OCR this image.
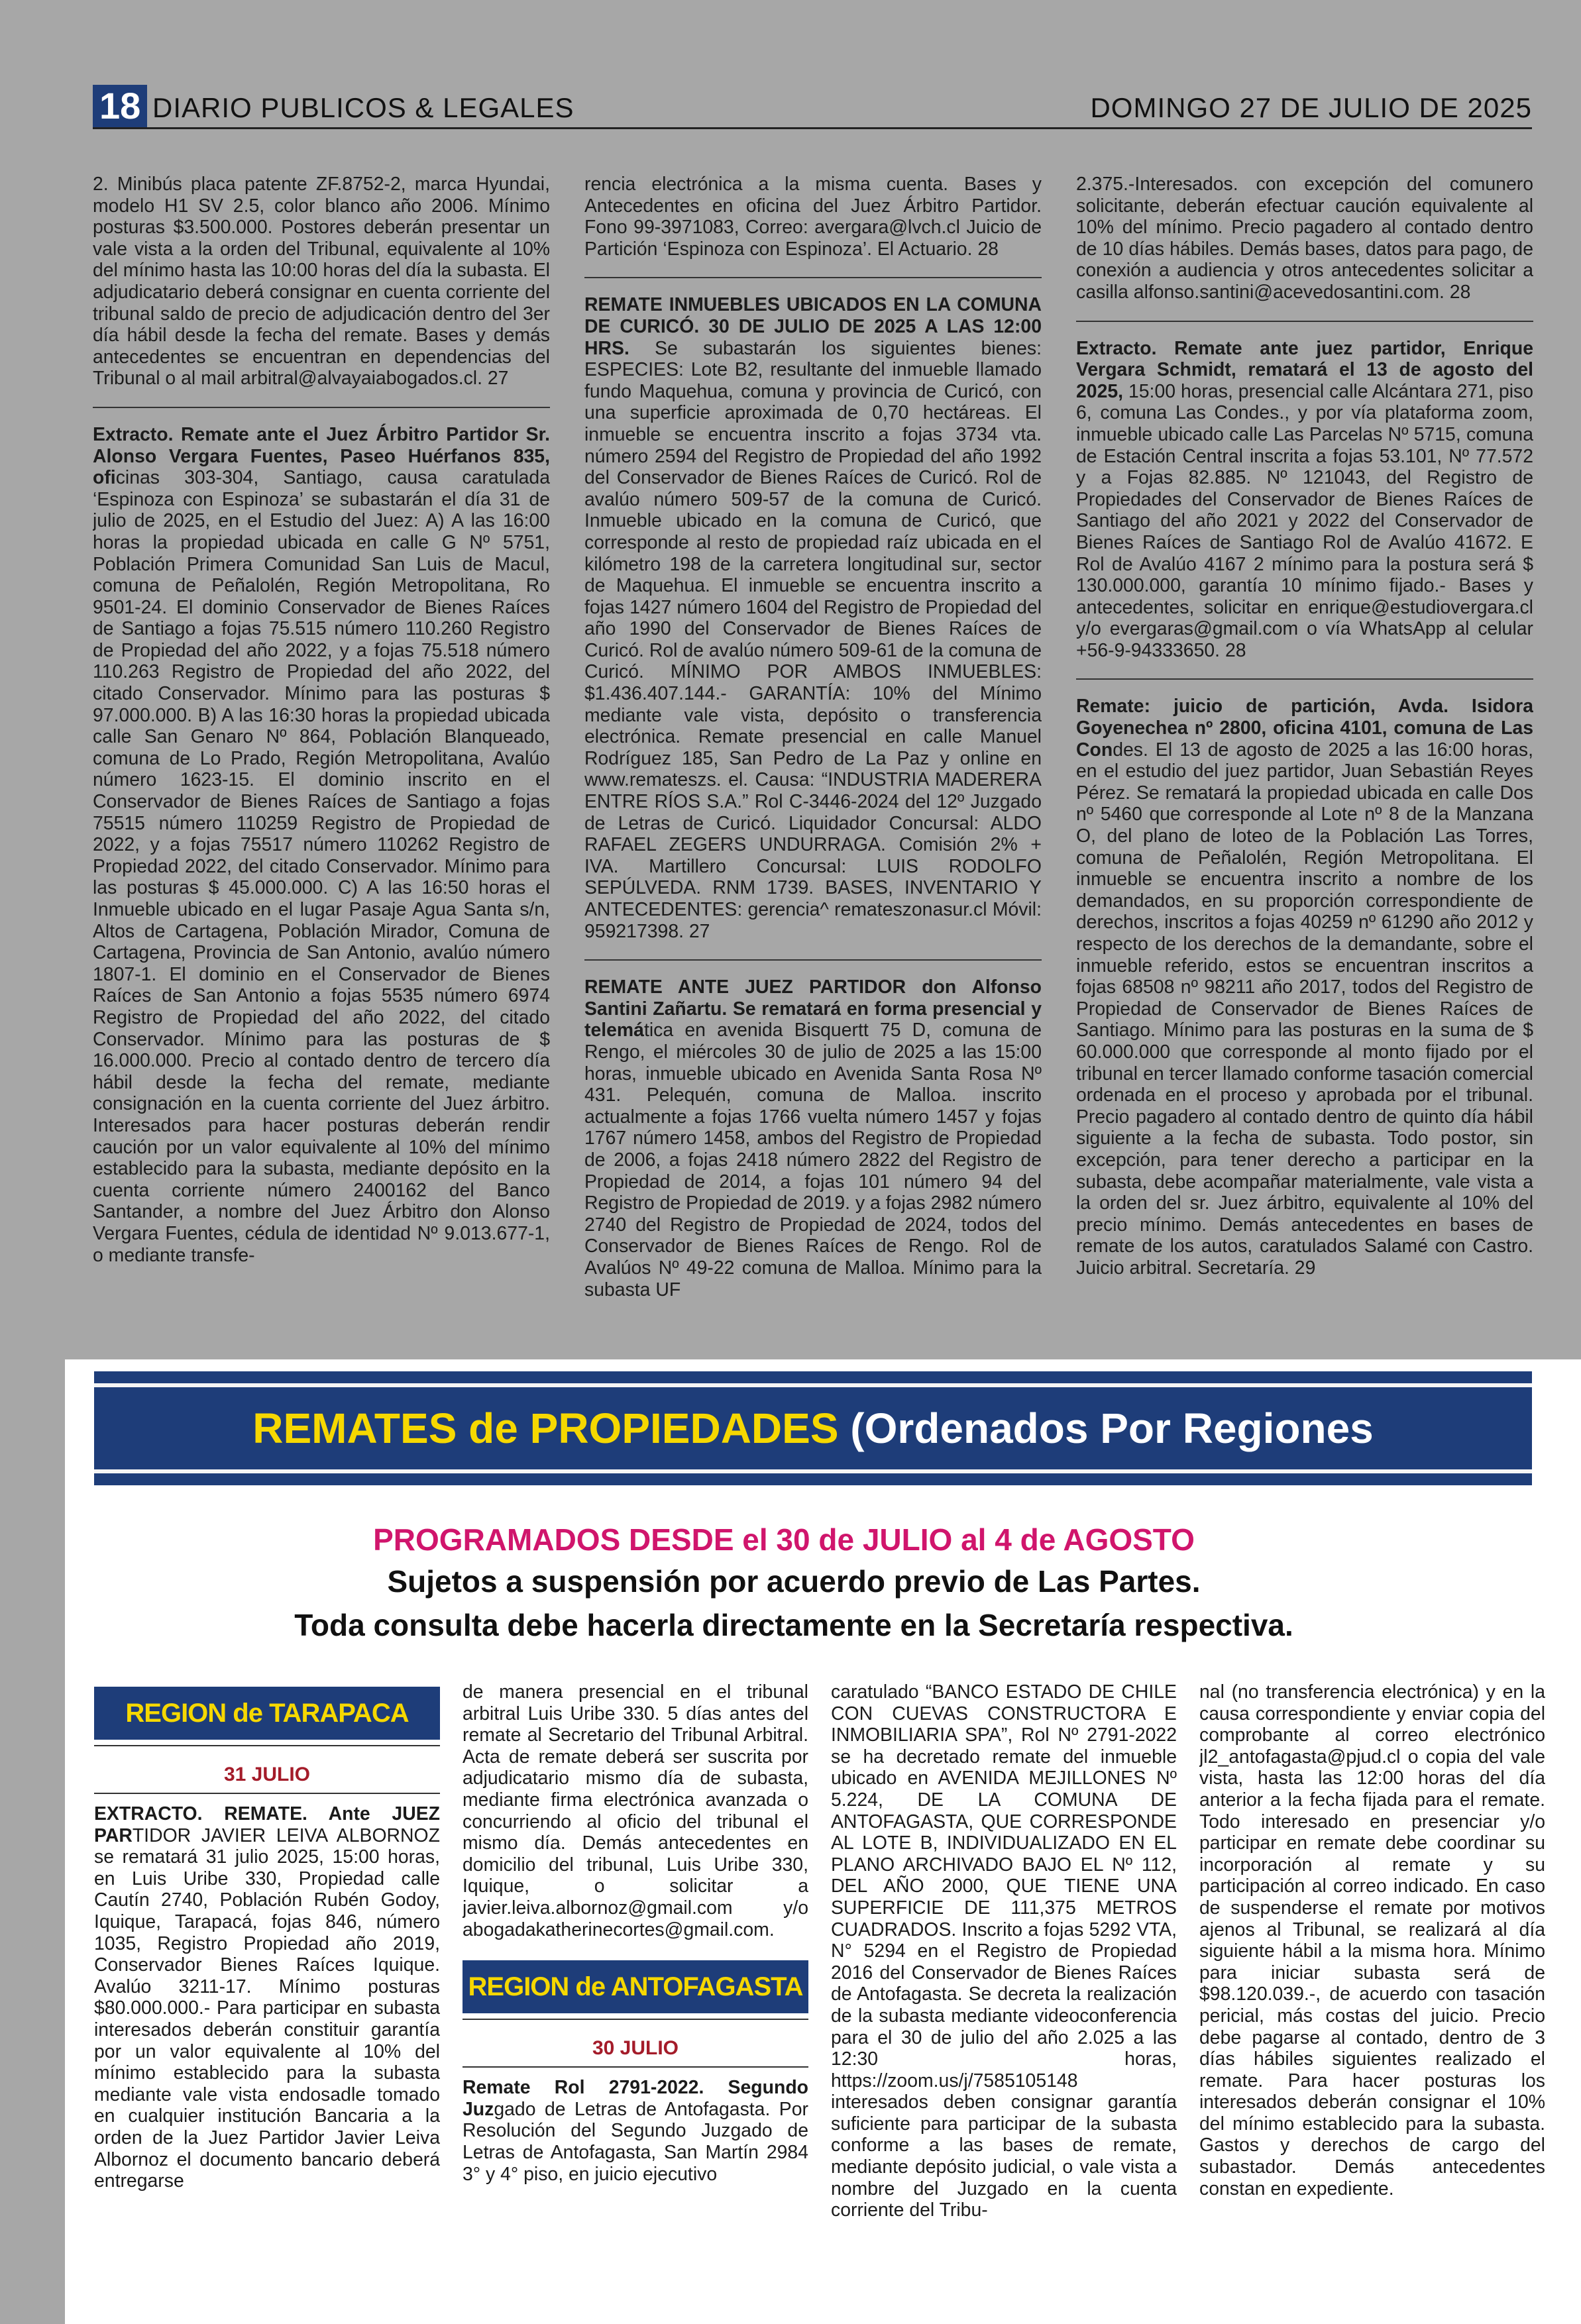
18 DIARIO PUBLICOS & LEGALES	DOMINGO 27 DE JULIO DE 2025

2. Minibús placa patente ZF.8752-2, marca Hyundai, modelo H1 SV 2.5, color blanco año 2006. Mínimo posturas $3.500.000. Postores deberán presentar un vale vista a la orden del Tribunal, equivalente al 10% del mínimo hasta las 10:00 horas del día la subasta. El adjudicatario deberá consignar en cuenta corriente del tribunal saldo de precio de adjudicación dentro del 3er día hábil desde la fecha del remate. Bases y demás antecedentes se encuentran en dependencias del Tribunal o al mail arbitral@alvayaiabogados.cl. 27

Extracto. Remate ante el Juez Árbitro Partidor Sr. Alonso Vergara Fuentes, Paseo Huérfanos 835, oficinas 303-304, Santiago, causa caratulada ‘Espinoza con Espinoza’ se subastarán el día 31 de julio de 2025, en el Estudio del Juez: A) A las 16:00 horas la propiedad ubicada en calle G Nº 5751, Población Primera Comunidad San Luis de Macul, comuna de Peñalolén, Región Metropolitana, Ro 9501-24. El dominio Conservador de Bienes Raíces de Santiago a fojas 75.515 número 110.260 Registro de Propiedad del año 2022, y a fojas 75.518 número 110.263 Registro de Propiedad del año 2022, del citado Conservador. Mínimo para las posturas $ 97.000.000. B) A las 16:30 horas la propiedad ubicada calle San Genaro Nº 864, Población Blanqueado, comuna de Lo Prado, Región Metropolitana, Avalúo número 1623-15. El dominio inscrito en el Conservador de Bienes Raíces de Santiago a fojas 75515 número 110259 Registro de Propiedad de 2022, y a fojas 75517 número 110262 Registro de Propiedad 2022, del citado Conservador. Mínimo para las posturas $ 45.000.000. C) A las 16:50 horas el Inmueble ubicado en el lugar Pasaje Agua Santa s/n, Altos de Cartagena, Población Mirador, Comuna de Cartagena, Provincia de San Antonio, avalúo número 1807-1. El dominio en el Conservador de Bienes Raíces de San Antonio a fojas 5535 número 6974 Registro de Propiedad del año 2022, del citado Conservador. Mínimo para las posturas de $ 16.000.000. Precio al contado dentro de tercero día hábil desde la fecha del remate, mediante consignación en la cuenta corriente del Juez árbitro. Interesados para hacer posturas deberán rendir caución por un valor equivalente al 10% del mínimo establecido para la subasta, mediante depósito en la cuenta corriente número 2400162 del Banco Santander, a nombre del Juez Árbitro don Alonso Vergara Fuentes, cédula de identidad Nº 9.013.677-1, o mediante transfe-

rencia electrónica a la misma cuenta. Bases y Antecedentes en oficina del Juez Árbitro Partidor. Fono 99-3971083, Correo: avergara@lvch.cl Juicio de Partición ‘Espinoza con Espinoza’. El Actuario. 28

REMATE INMUEBLES UBICADOS EN LA COMUNA DE CURICÓ. 30 DE JULIO DE 2025 A LAS 12:00 HRS. Se subastarán los siguientes bienes: ESPECIES: Lote B2, resultante del inmueble llamado fundo Maquehua, comuna y provincia de Curicó, con una superficie aproximada de 0,70 hectáreas. El inmueble se encuentra inscrito a fojas 3734 vta. número 2594 del Registro de Propiedad del año 1992 del Conservador de Bienes Raíces de Curicó. Rol de avalúo número 509-57 de la comuna de Curicó. Inmueble ubicado en la comuna de Curicó, que corresponde al resto de propiedad raíz ubicada en el kilómetro 198 de la carretera longitudinal sur, sector de Maquehua. El inmueble se encuentra inscrito a fojas 1427 número 1604 del Registro de Propiedad del año 1990 del Conservador de Bienes Raíces de Curicó. Rol de avalúo número 509-61 de la comuna de Curicó. MÍNIMO POR AMBOS INMUEBLES: $1.436.407.144.- GARANTÍA: 10% del Mínimo mediante vale vista, depósito o transferencia electrónica. Remate presencial en calle Manuel Rodríguez 185, San Pedro de La Paz y online en www.remateszs. el. Causa: “INDUSTRIA MADERERA ENTRE RÍOS S.A.” Rol C-3446-2024 del 12º Juzgado de Letras de Curicó. Liquidador Concursal: ALDO RAFAEL ZEGERS UNDURRAGA. Comisión 2% + IVA. Martillero Concursal: LUIS RODOLFO SEPÚLVEDA. RNM 1739. BASES, INVENTARIO Y ANTECEDENTES: gerencia^ remateszonasur.cl Móvil: 959217398. 27

REMATE ANTE JUEZ PARTIDOR don Alfonso Santini Zañartu. Se rematará en forma presencial y telemática en avenida Bisquertt 75 D, comuna de Rengo, el miércoles 30 de julio de 2025 a las 15:00 horas, inmueble ubicado en Avenida Santa Rosa Nº 431. Pelequén, comuna de Malloa. inscrito actualmente a fojas 1766 vuelta número 1457 y fojas 1767 número 1458, ambos del Registro de Propiedad de 2006, a fojas 2418 número 2822 del Registro de Propiedad de 2014, a fojas 101 número 94 del Registro de Propiedad de 2019. y a fojas 2982 número 2740 del Registro de Propiedad de 2024, todos del Conservador de Bienes Raíces de Rengo. Rol de Avalúos Nº 49-22 comuna de Malloa. Mínimo para la subasta UF

2.375.-Interesados. con excepción del comunero solicitante, deberán efectuar caución equivalente al 10% del mínimo. Precio pagadero al contado dentro de 10 días hábiles. Demás bases, datos para pago, de conexión a audiencia y otros antecedentes solicitar a casilla alfonso.santini@acevedosantini.com. 28

Extracto. Remate ante juez partidor, Enrique Vergara Schmidt, rematará el 13 de agosto del 2025, 15:00 horas, presencial calle Alcántara 271, piso 6, comuna Las Condes., y por vía plataforma zoom, inmueble ubicado calle Las Parcelas Nº 5715, comuna de Estación Central inscrita a fojas 53.101, Nº 77.572 y a Fojas 82.885. Nº 121043, del Registro de Propiedades del Conservador de Bienes Raíces de Santiago del año 2021 y 2022 del Conservador de Bienes Raíces de Santiago Rol de Avalúo 41672. E Rol de Avalúo 4167 2 mínimo para la postura será $ 130.000.000, garantía 10 mínimo fijado.- Bases y antecedentes, solicitar en enrique@estudiovergara.cl y/o evergaras@gmail.com o vía WhatsApp al celular +56-9-94333650. 28

Remate: juicio de partición, Avda. Isidora Goyenechea nº 2800, oficina 4101, comuna de Las Condes. El 13 de agosto de 2025 a las 16:00 horas, en el estudio del juez partidor, Juan Sebastián Reyes Pérez. Se rematará la propiedad ubicada en calle Dos nº 5460 que corresponde al Lote nº 8 de la Manzana O, del plano de loteo de la Población Las Torres, comuna de Peñalolén, Región Metropolitana. El inmueble se encuentra inscrito a nombre de los demandados, en su proporción correspondiente de derechos, inscritos a fojas 40259 nº 61290 año 2012 y respecto de los derechos de la demandante, sobre el inmueble referido, estos se encuentran inscritos a fojas 68508 nº 98211 año 2017, todos del Registro de Propiedad de Conservador de Bienes Raíces de Santiago. Mínimo para las posturas en la suma de $ 60.000.000 que corresponde al monto fijado por el tribunal en tercer llamado conforme tasación comercial ordenada en el proceso y aprobada por el tribunal. Precio pagadero al contado dentro de quinto día hábil siguiente a la fecha de subasta. Todo postor, sin excepción, para tener derecho a participar en la subasta, debe acompañar materialmente, vale vista a la orden del sr. Juez árbitro, equivalente al 10% del precio mínimo. Demás antecedentes en bases de remate de los autos, caratulados Salamé con Castro. Juicio arbitral. Secretaría. 29

REMATES de PROPIEDADES (Ordenados Por Regiones
PROGRAMADOS DESDE el 30 de JULIO al 4 de AGOSTO
Sujetos a suspensión por acuerdo previo de Las Partes.
Toda consulta debe hacerla directamente en la Secretaría respectiva.
REGION de TARAPACA
31 JULIO

EXTRACTO. REMATE. Ante JUEZ PARTIDOR JAVIER LEIVA ALBORNOZ se rematará 31 julio 2025, 15:00 horas, en Luis Uribe 330, Propiedad calle Cautín 2740, Población Rubén Godoy, Iquique, Tarapacá, fojas 846, número 1035, Registro Propiedad año 2019, Conservador Bienes Raíces Iquique. Avalúo 3211-17. Mínimo posturas $80.000.000.- Para participar en subasta interesados deberán constituir garantía por un valor equivalente al 10% del mínimo establecido para la subasta mediante vale vista endosadle tomado en cualquier institución Bancaria a la orden de la Juez Partidor Javier Leiva Albornoz el documento bancario deberá entregarse

de manera presencial en el tribunal arbitral Luis Uribe 330. 5 días antes del remate al Secretario del Tribunal Arbitral. Acta de remate deberá ser suscrita por adjudicatario mismo día de subasta, mediante firma electrónica avanzada o concurriendo al oficio del tribunal el mismo día. Demás antecedentes en domicilio del tribunal, Luis Uribe 330, Iquique, o solicitar a javier.leiva.albornoz@gmail.com y/o abogadakatherinecortes@gmail.com.

REGION de ANTOFAGASTA
30 JULIO

Remate Rol 2791-2022. Segundo Juzgado de Letras de Antofagasta. Por Resolución del Segundo Juzgado de Letras de Antofagasta, San Martín 2984 3° y 4° piso, en juicio ejecutivo

caratulado “BANCO ESTADO DE CHILE CON CUEVAS CONSTRUCTORA E INMOBILIARIA SPA”, Rol Nº 2791-2022 se ha decretado remate del inmueble ubicado en AVENIDA MEJILLONES Nº 5.224, DE LA COMUNA DE ANTOFAGASTA, QUE CORRESPONDE AL LOTE B, INDIVIDUALIZADO EN EL PLANO ARCHIVADO BAJO EL Nº 112, DEL AÑO 2000, QUE TIENE UNA SUPERFICIE DE 111,375 METROS CUADRADOS. Inscrito a fojas 5292 VTA, N° 5294 en el Registro de Propiedad 2016 del Conservador de Bienes Raíces de Antofagasta. Se decreta la realización de la subasta mediante videoconferencia para el 30 de julio del año 2.025 a las 12:30 horas, https://zoom.us/j/7585105148 interesados deben consignar garantía suficiente para participar de la subasta conforme a las bases de remate, mediante depósito judicial, o vale vista a nombre del Juzgado en la cuenta corriente del Tribu-

nal (no transferencia electrónica) y en la causa correspondiente y enviar copia del comprobante al correo electrónico jl2_antofagasta@pjud.cl o copia del vale vista, hasta las 12:00 horas del día anterior a la fecha fijada para el remate. Todo interesado en presenciar y/o participar en remate debe coordinar su incorporación al remate y su participación al correo indicado. En caso de suspenderse el remate por motivos ajenos al Tribunal, se realizará al día siguiente hábil a la misma hora. Mínimo para iniciar subasta será de $98.120.039.-, de acuerdo con tasación pericial, más costas del juicio. Precio debe pagarse al contado, dentro de 3 días hábiles siguientes realizado el remate. Para hacer posturas los interesados deberán consignar el 10% del mínimo establecido para la subasta. Gastos y derechos de cargo del subastador. Demás antecedentes constan en expediente.
